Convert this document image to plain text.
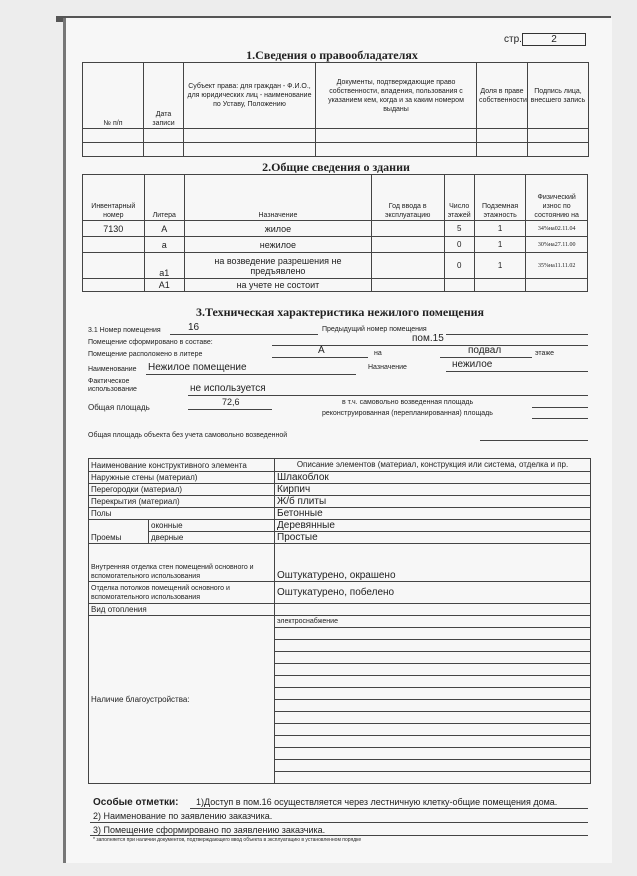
стр.	2
1.Сведения о правообладателях
№ п/п	Дата записи	Субъект права: для граждан - Ф.И.О., для юридических лиц - наименование по Уставу, Положению	Документы, подтверждающие право собственности, владения, пользования с указанием кем, когда и за каким номером выданы	Доля в праве собственности	Подпись лица, внесшего запись

2.Общие сведения о здании
Инвентарный номер	Литера	Назначение	Год ввода в эксплуатацию	Число этажей	Подземная этажность	Физический износ по состоянию на
7130	А	жилое		5	1	34%на02.11.04
	а	нежилое		0	1	30%на27.11.00
	а1	на возведение разрешения не предъявлено		0	1	35%на11.11.02
	А1	на учете не состоит				
3.Техническая характеристика нежилого помещения
3.1 Номер помещения	16	Предыдущий номер помещения
Помещение сформировано в составе:	пом.15
Помещение расположено в литере	А	на	подвал	этаже
Наименование Нежилое помещение	Назначение	нежилое
Фактическое использование	не используется
Общая площадь
72,6	в т.ч. самовольно возведенная площадь
реконструированная (перепланированная) площадь
Общая площадь объекта без учета самовольно возведенной
Наименование конструктивного элемента		Описание элементов (материал, конструкция или система, отделка и пр.
Наружные стены (материал)		Шлакоблок
Перегородки (материал)		Кирпич
Перекрытия (материал)		Ж/б плиты
Полы		Бетонные
Проемы	оконные	Деревянные
	дверные	Простые
Внутренняя отделка стен помещений основного и вспомогательного использования		Оштукатурено, окрашено
Отделка потолков помещений основного и вспомогательного использования		Оштукатурено, побелено
Вид отопления		
Наличие благоустройства:		электроснабжение

Особые отметки: 1)Доступ в пом.16 осуществляется через лестничную клетку-общие помещения дома.
2) Наименование по заявлению заказчика.
3) Помещение сформировано по заявлению заказчика.
* заполняется при наличии документов, подтверждающего ввод объекта в эксплуатацию в установленном порядке
